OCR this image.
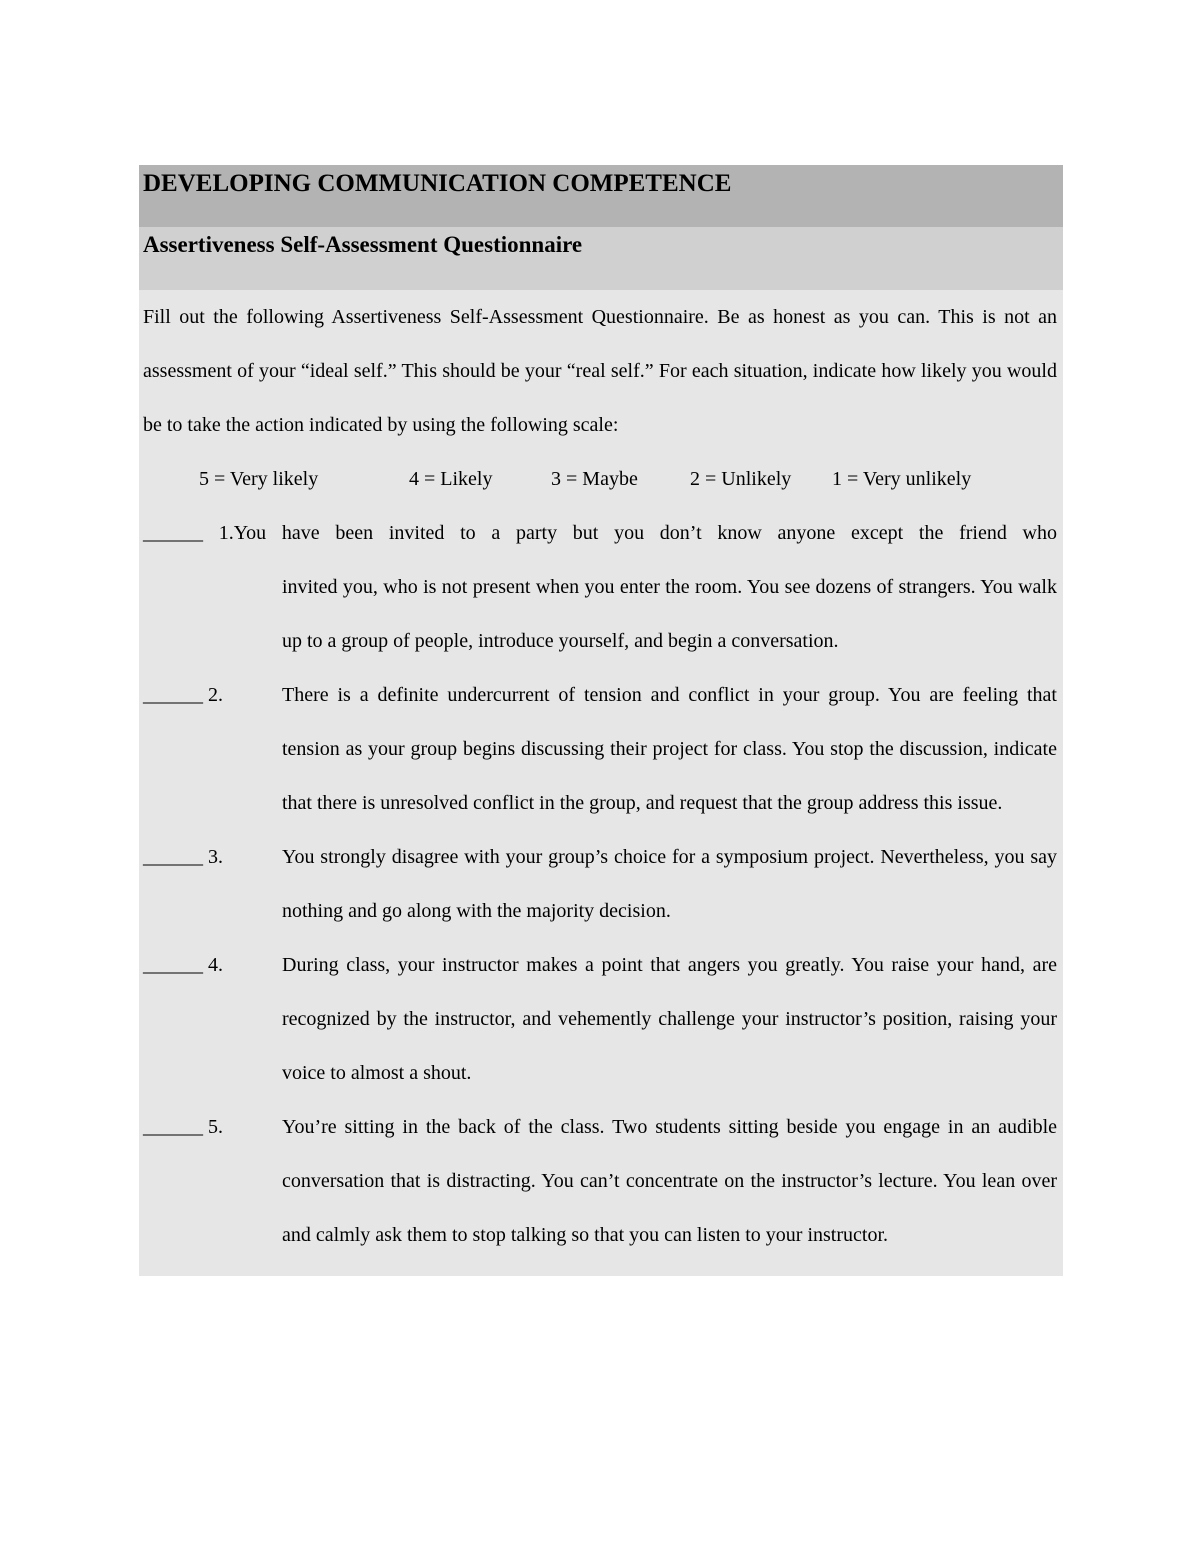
DEVELOPING COMMUNICATION COMPETENCE
Assertiveness Self-Assessment Questionnaire
Fill out the following Assertiveness Self-Assessment Questionnaire. Be as honest as you can. This is not an assessment of your “ideal self.” This should be your “real self.” For each situation, indicate how likely you would be to take the action indicated by using the following scale:
5 = Very likely	4 = Likely	3 = Maybe	2 = Unlikely	1 = Very unlikely
______ 1.You have been invited to a party but you don’t know anyone except the friend who
invited you, who is not present when you enter the room. You see dozens of strangers. You walk up to a group of people, introduce yourself, and begin a conversation.
______ 2.	There is a definite undercurrent of tension and conflict in your group. You are feeling that tension as your group begins discussing their project for class. You stop the discussion, indicate that there is unresolved conflict in the group, and request that the group address this issue.
______ 3.	You strongly disagree with your group’s choice for a symposium project. Nevertheless, you say nothing and go along with the majority decision.
______ 4.	During class, your instructor makes a point that angers you greatly. You raise your hand, are recognized by the instructor, and vehemently challenge your instructor’s position, raising your voice to almost a shout.
______ 5.	You’re sitting in the back of the class. Two students sitting beside you engage in an audible conversation that is distracting. You can’t concentrate on the instructor’s lecture. You lean over and calmly ask them to stop talking so that you can listen to your instructor.
